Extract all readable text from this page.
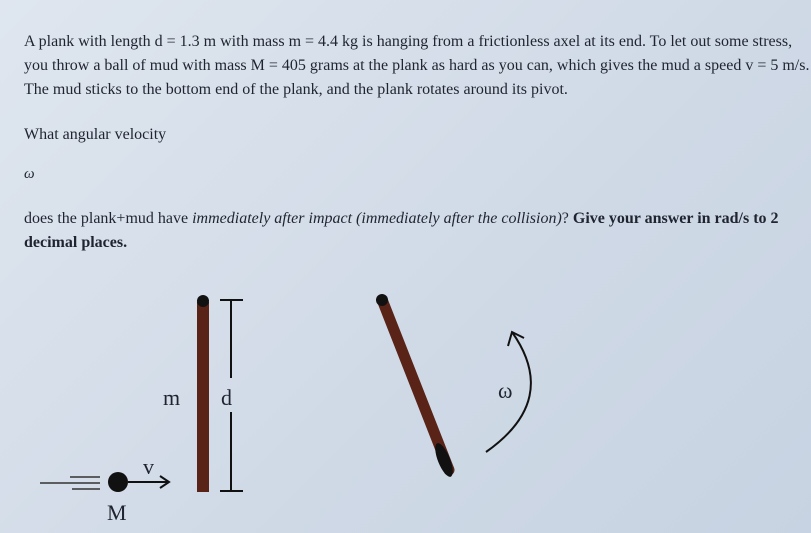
A plank with length d = 1.3 m with mass m = 4.4 kg is hanging from a frictionless axel at its end. To let out some stress, you throw a ball of mud with mass M = 405 grams at the plank as hard as you can, which gives the mud a speed v = 5 m/s. The mud sticks to the bottom end of the plank, and the plank rotates around its pivot.

What angular velocity
ω
does the plank+mud have immediately after impact (immediately after the collision)? Give your answer in rad/s to 2 decimal places.
M
v
m d	ω
